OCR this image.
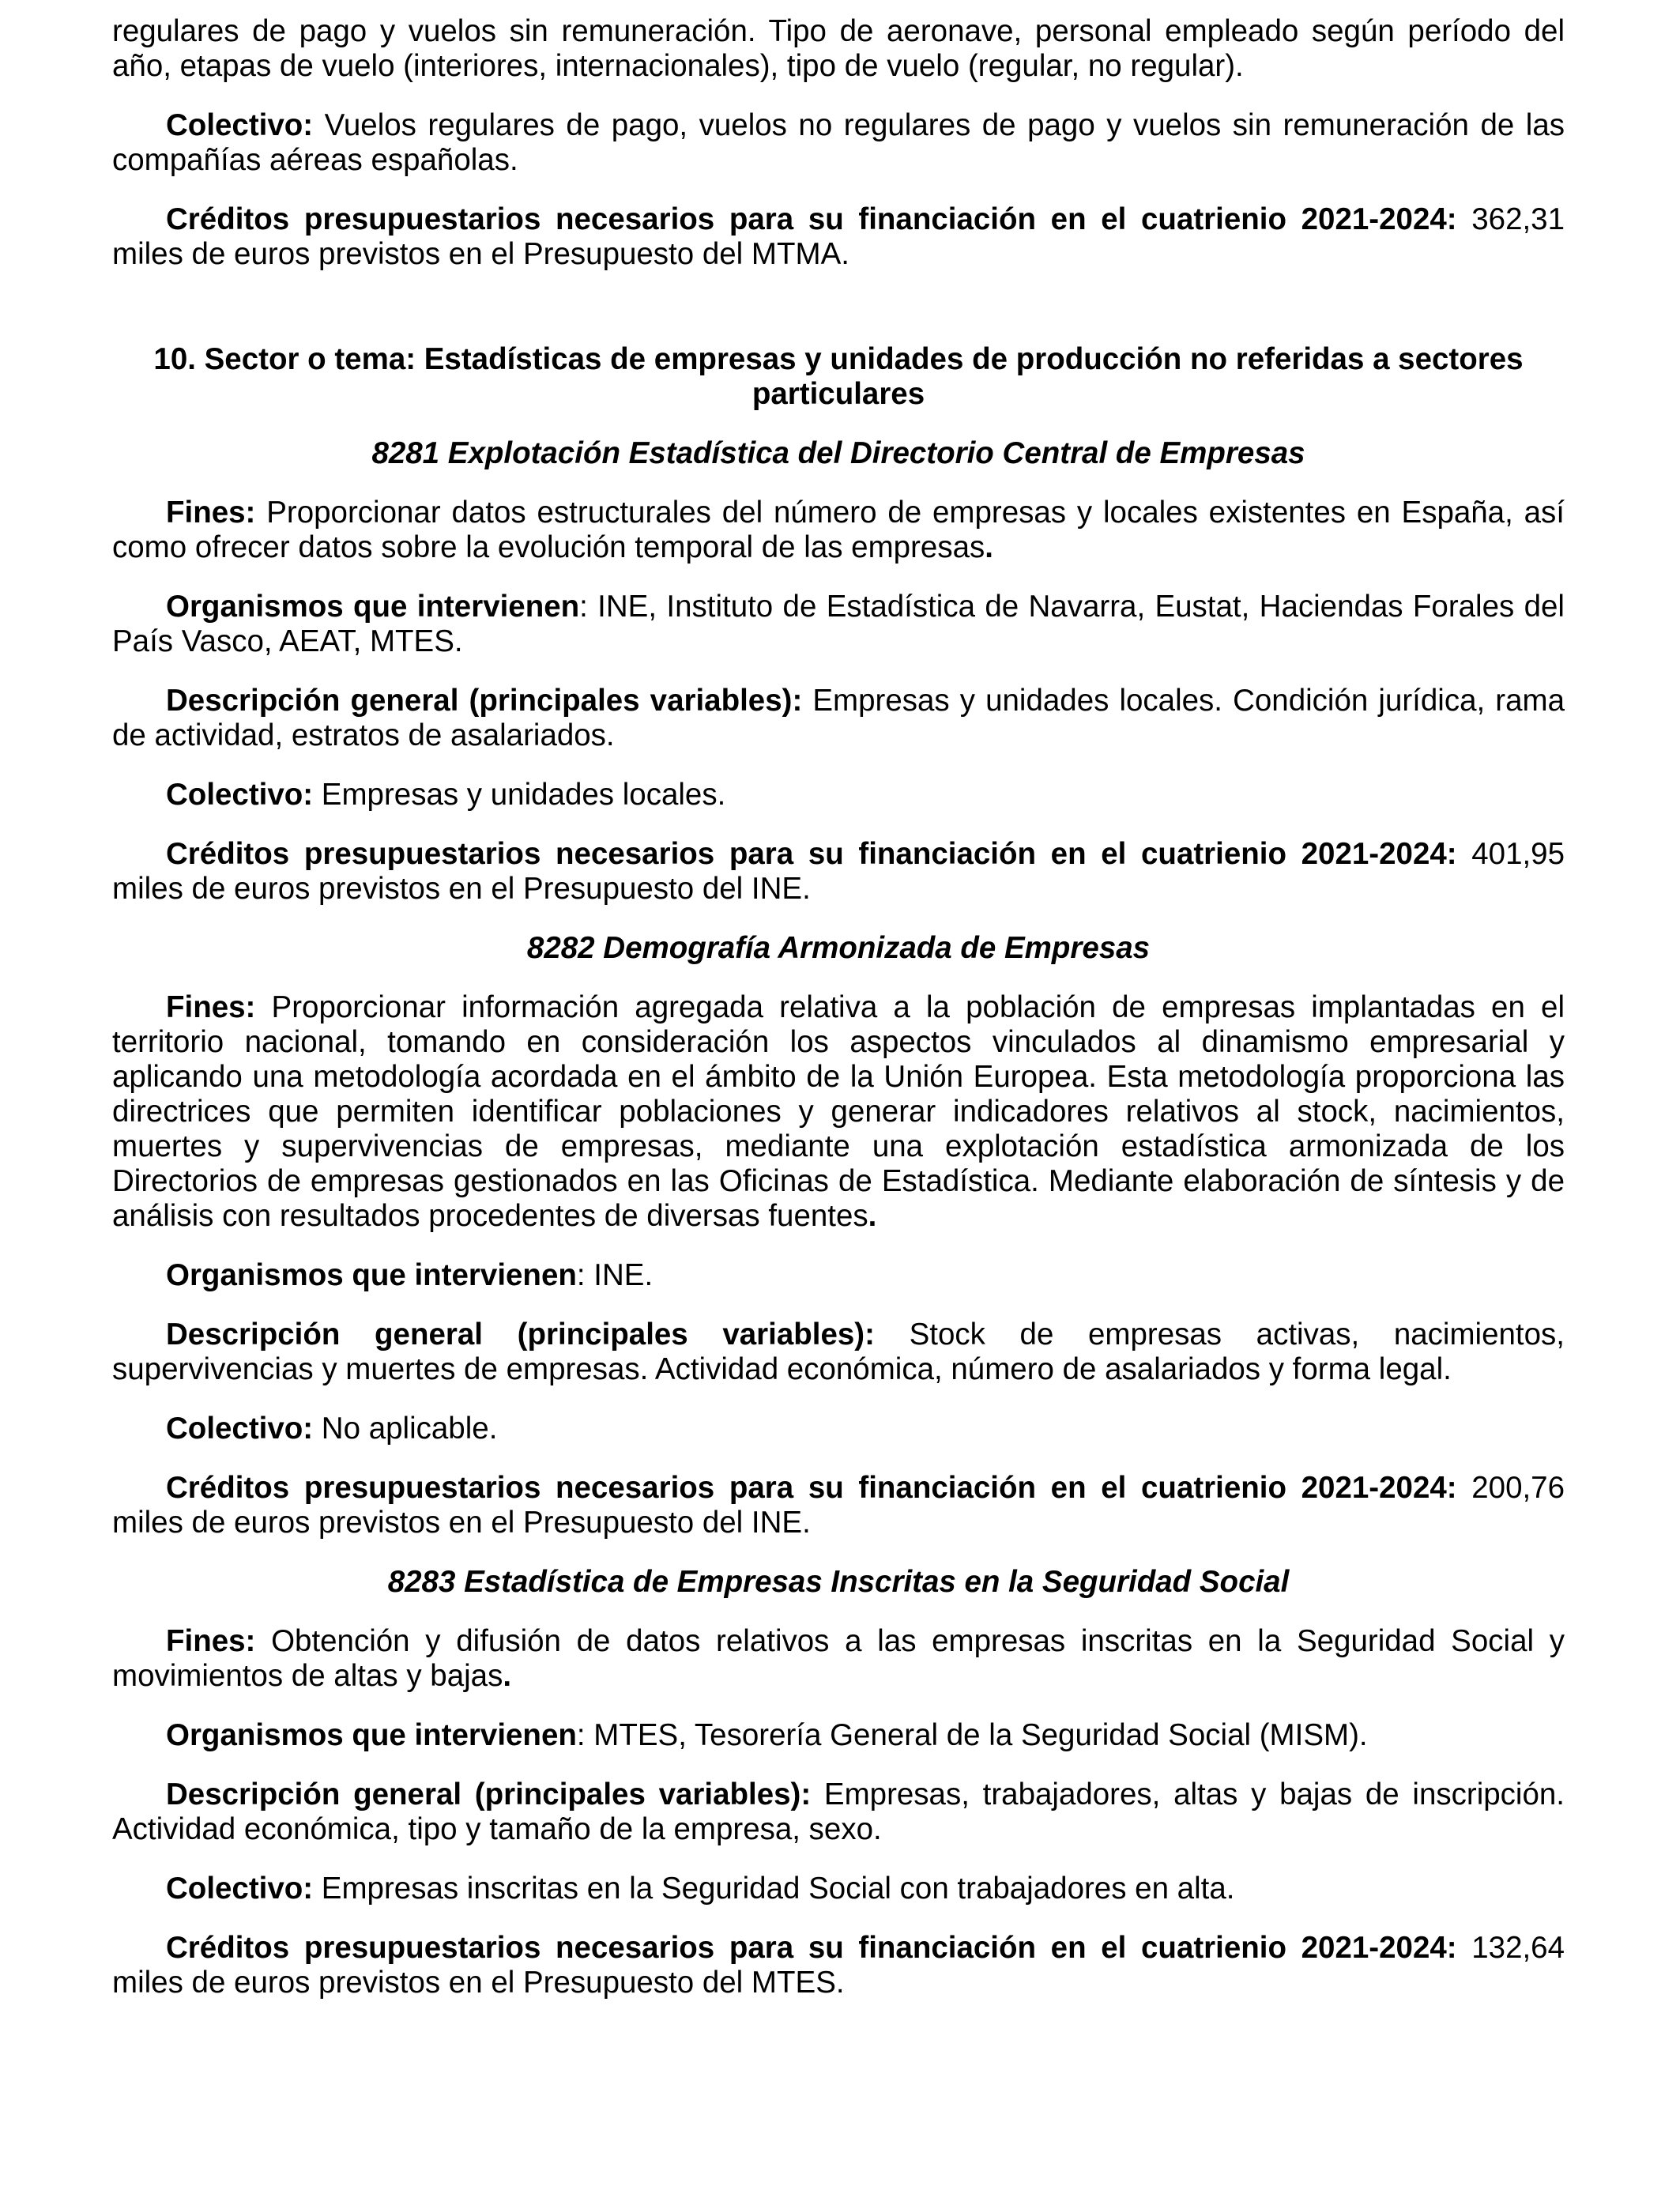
regulares de pago y vuelos sin remuneración. Tipo de aeronave, personal empleado según período del año, etapas de vuelo (interiores, internacionales), tipo de vuelo (regular, no regular).

Colectivo: Vuelos regulares de pago, vuelos no regulares de pago y vuelos sin remuneración de las compañías aéreas españolas.

Créditos presupuestarios necesarios para su financiación en el cuatrienio 2021-2024: 362,31 miles de euros previstos en el Presupuesto del MTMA.

10. Sector o tema: Estadísticas de empresas y unidades de producción no referidas a sectores particulares

8281 Explotación Estadística del Directorio Central de Empresas

Fines: Proporcionar datos estructurales del número de empresas y locales existentes en España, así como ofrecer datos sobre la evolución temporal de las empresas.

Organismos que intervienen: INE, Instituto de Estadística de Navarra, Eustat, Haciendas Forales del País Vasco, AEAT, MTES.

Descripción general (principales variables): Empresas y unidades locales. Condición jurídica, rama de actividad, estratos de asalariados.

Colectivo: Empresas y unidades locales.

Créditos presupuestarios necesarios para su financiación en el cuatrienio 2021-2024: 401,95 miles de euros previstos en el Presupuesto del INE.

8282 Demografía Armonizada de Empresas

Fines: Proporcionar información agregada relativa a la población de empresas implantadas en el territorio nacional, tomando en consideración los aspectos vinculados al dinamismo empresarial y aplicando una metodología acordada en el ámbito de la Unión Europea. Esta metodología proporciona las directrices que permiten identificar poblaciones y generar indicadores relativos al stock, nacimientos, muertes y supervivencias de empresas, mediante una explotación estadística armonizada de los Directorios de empresas gestionados en las Oficinas de Estadística. Mediante elaboración de síntesis y de análisis con resultados procedentes de diversas fuentes.

Organismos que intervienen: INE.

Descripción general (principales variables): Stock de empresas activas, nacimientos, supervivencias y muertes de empresas. Actividad económica, número de asalariados y forma legal.

Colectivo: No aplicable.

Créditos presupuestarios necesarios para su financiación en el cuatrienio 2021-2024: 200,76 miles de euros previstos en el Presupuesto del INE.

8283 Estadística de Empresas Inscritas en la Seguridad Social

Fines: Obtención y difusión de datos relativos a las empresas inscritas en la Seguridad Social y movimientos de altas y bajas.

Organismos que intervienen: MTES, Tesorería General de la Seguridad Social (MISM).

Descripción general (principales variables): Empresas, trabajadores, altas y bajas de inscripción. Actividad económica, tipo y tamaño de la empresa, sexo.

Colectivo: Empresas inscritas en la Seguridad Social con trabajadores en alta.

Créditos presupuestarios necesarios para su financiación en el cuatrienio 2021-2024: 132,64 miles de euros previstos en el Presupuesto del MTES.
